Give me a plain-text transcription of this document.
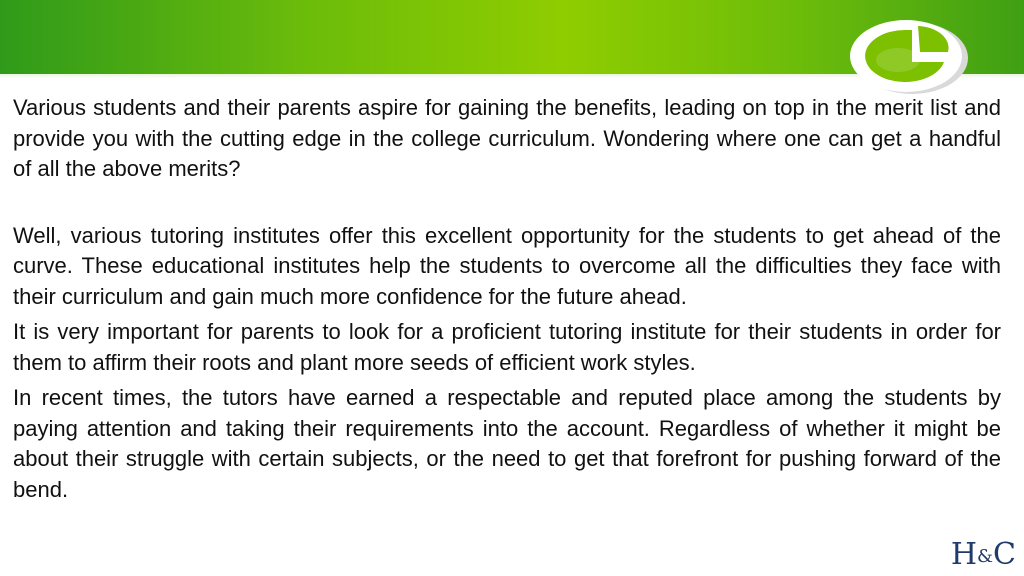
Various students and their parents aspire for gaining the benefits, leading on top in the merit list and provide you with the cutting edge in the college curriculum. Wondering where one can get a handful of all the above merits?

Well, various tutoring institutes offer this excellent opportunity for the students to get ahead of the curve. These educational institutes help the students to overcome all the difficulties they face with their curriculum and gain much more confidence for the future ahead.

It is very important for parents to look for a proficient tutoring institute for their students in order for them to affirm their roots and plant more seeds of efficient work styles.

In recent times, the tutors have earned a respectable and reputed place among the students by paying attention and taking their requirements into the account. Regardless of whether it might be about their struggle with certain subjects, or the need to get that forefront for pushing forward of the bend.

H&C
